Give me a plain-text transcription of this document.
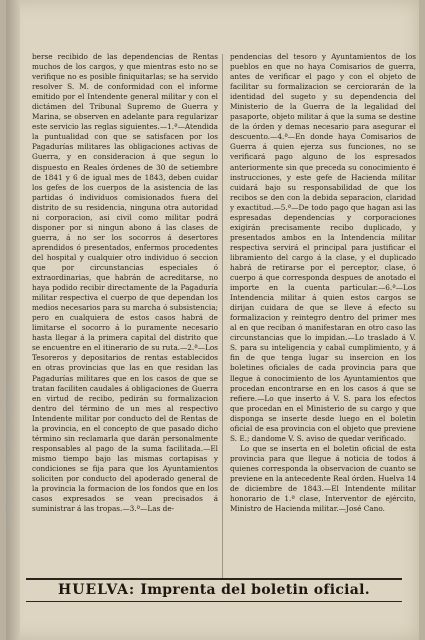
PORTUS MARIS ET TERRAE CUSTODIA

berse recibido de las dependencias de Rentas muchos de los cargos, y que mientras esto no se verifique no es posible finiquitarlas; se ha servido resolver S. M. de conformidad con el informe emitido por el Intendente general militar y con el dictámen del Tribunal Supremo de Guerra y Marina, se observen en adelante para regularizar este servicio las reglas siguientes.—1.ª—Atendida la puntualidad con que se satisfacen por los Pagadurías militares las obligaciones activas de Guerra, y en consideracion á que segun lo dispuesto en Reales órdenes de 30 de setiembre de 1841 y 6 de igual mes de 1843, deben cuidar los gefes de los cuerpos de la asistencia de las partidas ó individuos comisionados fuera del distrito de su residencia, ninguna otra autoridad ni corporacion, asi civil como militar podrá disponer por si ningun abono á las clases de guerra, á no ser los socorros á desertores aprendidos ó presentados, enfermos procedentes del hospital y cualquier otro individuo ó seccion que por circunstancias especiales ó extraordinarias, que habrán de acreditarse, no haya podido recibir directamente de la Pagaduría militar respectiva el cuerpo de que dependan los medios necesarios para su marcha ó subsistencia; pero en cualquiera de estos casos habrá de limitarse el socorro á lo puramente necesario hasta llegar á la primera capital del distrito que se encuentre en el itinerario de su ruta.—2.ª—Los Tesoreros y depositarios de rentas establecidos en otras provincias que las en que residan las Pagadurías militares que en los casos de que se tratan faciliten caudales á obligaciones de Guerra en virtud de recibo, pedirán su formalizacion dentro del término de un mes al respectivo Intendente militar por conducto del de Rentas de la provincia, en el concepto de que pasado dicho término sin reclamarla que darán personalmente responsables al pago de la suma facilitada.—El mismo tiempo bajo las mismas cortapisas y condiciones se fija para que los Ayuntamientos soliciten por conducto del apoderado general de la provincia la formacion de los fondos que en los casos expresados se vean precisados á suministrar á las tropas.—3.ª—Las de-

pendencias del tesoro y Ayuntamientos de los pueblos en que no haya Comisarios de guerra, antes de verificar el pago y con el objeto de facilitar su formalizacion se cerciorarán de la identidad del sugeto y su dependencia del Ministerio de la Guerra de la legalidad del pasaporte, objeto militar á que la suma se destine de la órden y demas necesario para asegurar el descuento.—4.ª—En donde haya Comisarios de Guerra á quien ejerza sus funciones, no se verificará pago alguno de los espresados anteriormente sin que preceda su conocimiento é instrucciones, y este gefe de Hacienda militar cuidará bajo su responsabilidad de que los recibos se den con la debida separacion, claridad y exactitud.—5.ª—De todo pago que hagan asi las espresadas dependencias y corporaciones exigirán precisamente recibo duplicado, y presentados ambos en la Intendencia militar respectiva servirá el principal para justificar el libramiento del cargo á la clase, y el duplicado habrá de retirarse por el perceptor, clase, ó cuerpo á que corresponda despues de anotado el importe en la cuenta particular.—6.ª—Los Intendencia militar á quien estos cargos se dirijan cuidara de que se lleve á efecto su formalizacion y reintegro dentro del primer mes al en que reciban ó manifestaran en otro caso las circunstancias que lo impidan.—Lo traslado á V. S. para su inteligencia y cabal cumplimiento, y á fin de que tenga lugar su insercion en los boletines oficiales de cada provincia para que llegue á conocimiento de los Ayuntamientos que procedan encontrarse en en los casos á que se refiere.—Lo que inserto á V. S. para los efectos que procedan en el Ministerio de su cargo y que disponga se inserte desde luego en el boletin oficial de esa provincia con el objeto que previene S. E.; dandome V. S. aviso de quedar verificado.

Lo que se inserta en el boletin oficial de esta provincia para que llegue á noticia de todos á quienes corresponda la observacion de cuanto se previene en la antecedente Real órden. Huelva 14 de diciembre de 1843.—El Intendente militar honorario de 1.ª clase, Interventor de ejército, Ministro de Hacienda militar.—José Cano.

HUELVA: Imprenta del boletin oficial.
